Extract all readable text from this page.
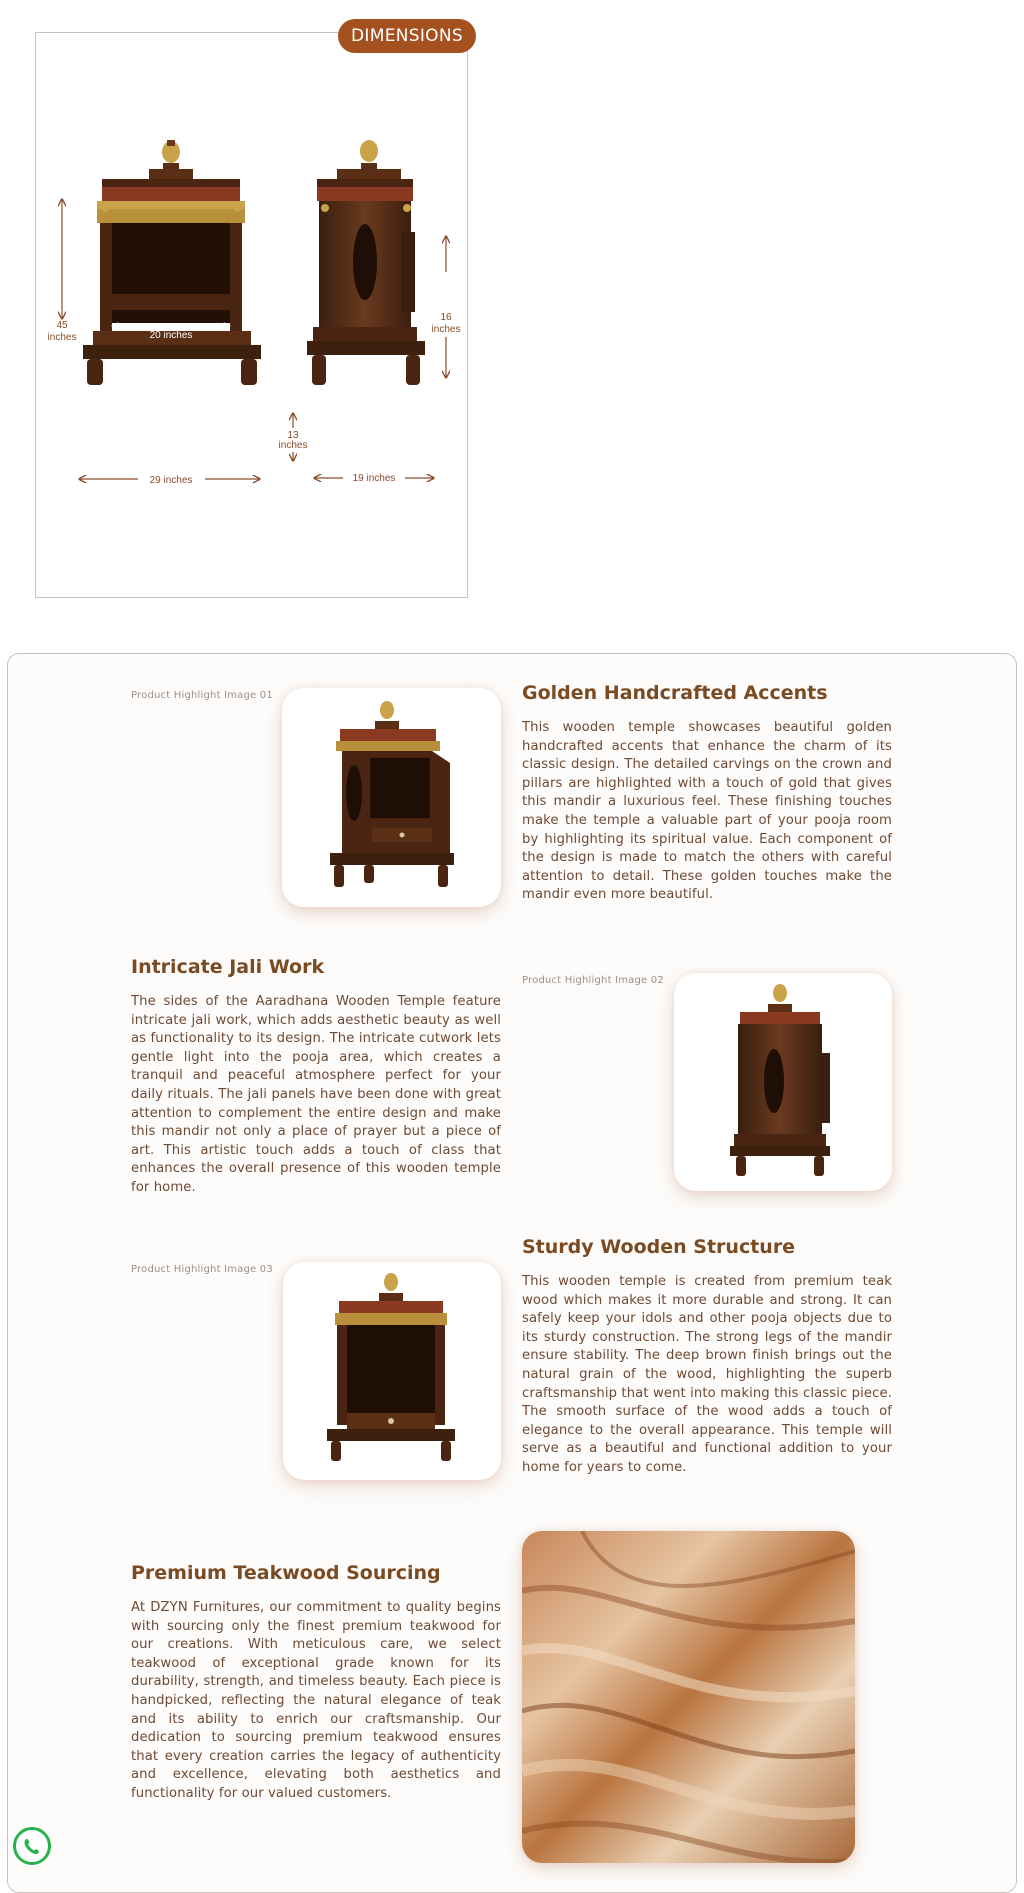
45
inches	20 inches
22 inches
4.5 inches
29 inches	19 inches
16
inches
13
inches
DIMENSIONS
Product Highlight Image 01	Golden Handcrafted Accents

This wooden temple showcases beautiful golden handcrafted accents that enhance the charm of its classic design. The detailed carvings on the crown and pillars are highlighted with a touch of gold that gives this mandir a luxurious feel. These finishing touches make the temple a valuable part of your pooja room by highlighting its spiritual value. Each component of the design is made to match the others with careful attention to detail. These golden touches make the mandir even more beautiful.

Intricate Jali Work

The sides of the Aaradhana Wooden Temple feature intricate jali work, which adds aesthetic beauty as well as functionality to its design. The intricate cutwork lets gentle light into the pooja area, which creates a tranquil and peaceful atmosphere perfect for your daily rituals. The jali panels have been done with great attention to complement the entire design and make this mandir not only a place of prayer but a piece of art. This artistic touch adds a touch of class that enhances the overall presence of this wooden temple for home.

Product Highlight Image 02
Product Highlight Image 03
Sturdy Wooden Structure

This wooden temple is created from premium teak wood which makes it more durable and strong. It can safely keep your idols and other pooja objects due to its sturdy construction. The strong legs of the mandir ensure stability. The deep brown finish brings out the natural grain of the wood, highlighting the superb craftsmanship that went into making this classic piece. The smooth surface of the wood adds a touch of elegance to the overall appearance. This temple will serve as a beautiful and functional addition to your home for years to come.

Premium Teakwood Sourcing

At DZYN Furnitures, our commitment to quality begins with sourcing only the finest premium teakwood for our creations. With meticulous care, we select teakwood of exceptional grade known for its durability, strength, and timeless beauty. Each piece is handpicked, reflecting the natural elegance of teak and its ability to enrich our craftsmanship. Our dedication to sourcing premium teakwood ensures that every creation carries the legacy of authenticity and excellence, elevating both aesthetics and functionality for our valued customers.
